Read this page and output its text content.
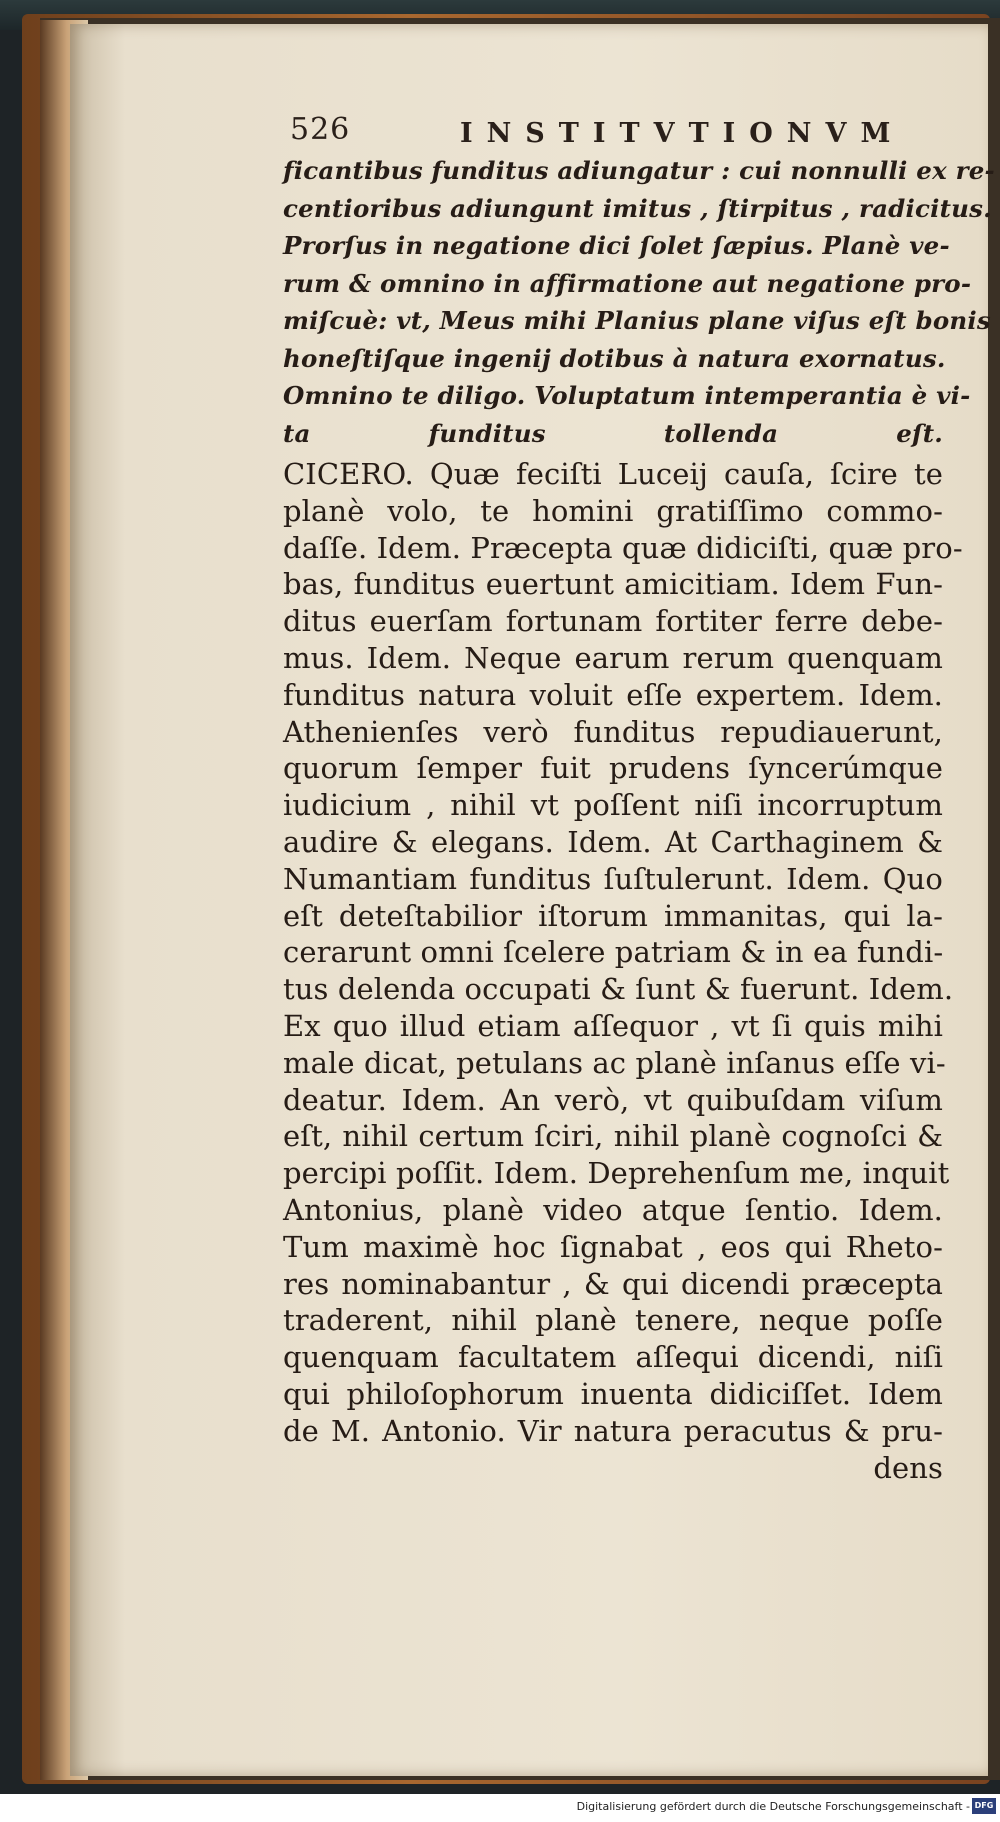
526	INSTITVTIONVM
ficantibus funditus adiungatur : cui nonnulli ex re-
centioribus adiungunt imitus , ſtirpitus , radicitus.
Prorſus in negatione dici ſolet ſæpius. Planè ve-
rum & omnino in affirmatione aut negatione pro-
miſcuè: vt, Meus mihi Planius plane viſus eſt bonis
honeſtiſque ingenij dotibus à natura exornatus.
Omnino te diligo. Voluptatum intemperantia è vi-
ta funditus tollenda eſt.
CICERO. Quæ feciſti Luceij cauſa, ſcire te
planè volo, te homini gratiſſimo commo-
daſſe. Idem. Præcepta quæ didiciſti, quæ pro-
bas, funditus euertunt amicitiam. Idem Fun-
ditus euerſam fortunam fortiter ferre debe-
mus. Idem. Neque earum rerum quenquam
funditus natura voluit eſſe expertem. Idem.
Athenienſes verò funditus repudiauerunt,
quorum ſemper fuit prudens ſyncerúmque
iudicium , nihil vt poſſent niſi incorruptum
audire & elegans. Idem. At Carthaginem &
Numantiam funditus ſuſtulerunt. Idem. Quo
eſt deteſtabilior iſtorum immanitas, qui la-
cerarunt omni ſcelere patriam & in ea fundi-
tus delenda occupati & ſunt & fuerunt. Idem.
Ex quo illud etiam aſſequor , vt ſi quis mihi
male dicat, petulans ac planè inſanus eſſe vi-
deatur. Idem. An verò, vt quibuſdam viſum
eſt, nihil certum ſciri, nihil planè cognoſci &
percipi poſſit. Idem. Deprehenſum me, inquit
Antonius, planè video atque ſentio. Idem.
Tum maximè hoc ſignabat , eos qui Rheto-
res nominabantur , & qui dicendi præcepta
traderent, nihil planè tenere, neque poſſe
quenquam facultatem aſſequi dicendi, niſi
qui philoſophorum inuenta didiciſſet. Idem
de M. Antonio. Vir natura peracutus & pru-
dens
Digitalisierung gefördert durch die Deutsche Forschungsgemeinschaft - DFG
